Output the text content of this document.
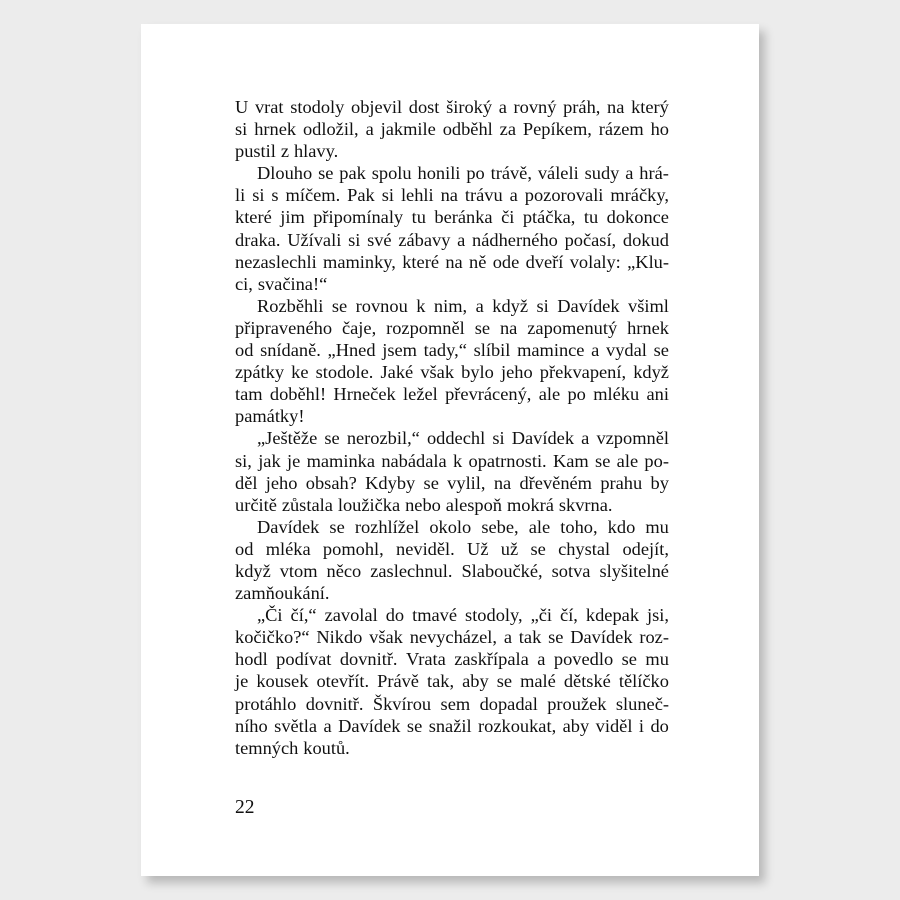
U vrat stodoly objevil dost široký a rovný práh, na který
si hrnek odložil, a jakmile odběhl za Pepíkem, rázem ho
pustil z hlavy.
Dlouho se pak spolu honili po trávě, váleli sudy a hrá-
li si s míčem. Pak si lehli na trávu a pozorovali mráčky,
které jim připomínaly tu beránka či ptáčka, tu dokonce
draka. Užívali si své zábavy a nádherného počasí, dokud
nezaslechli maminky, které na ně ode dveří volaly: „Klu-
ci, svačina!“
Rozběhli se rovnou k nim, a když si Davídek všiml
připraveného čaje, rozpomněl se na zapomenutý hrnek
od snídaně. „Hned jsem tady,“ slíbil mamince a vydal se
zpátky ke stodole. Jaké však bylo jeho překvapení, když
tam doběhl! Hrneček ležel převrácený, ale po mléku ani
památky!
„Ještěže se nerozbil,“ oddechl si Davídek a vzpomněl
si, jak je maminka nabádala k opatrnosti. Kam se ale po-
děl jeho obsah? Kdyby se vylil, na dřevěném prahu by
určitě zůstala loužička nebo alespoň mokrá skvrna.
Davídek se rozhlížel okolo sebe, ale toho, kdo mu
od mléka pomohl, neviděl. Už už se chystal odejít,
když vtom něco zaslechnul. Slaboučké, sotva slyšitelné
zamňoukání.
„Či čí,“ zavolal do tmavé stodoly, „či čí, kdepak jsi,
kočičko?“ Nikdo však nevycházel, a tak se Davídek roz-
hodl podívat dovnitř. Vrata zaskřípala a povedlo se mu
je kousek otevřít. Právě tak, aby se malé dětské tělíčko
protáhlo dovnitř. Škvírou sem dopadal proužek sluneč-
ního světla a Davídek se snažil rozkoukat, aby viděl i do
temných koutů.
22
